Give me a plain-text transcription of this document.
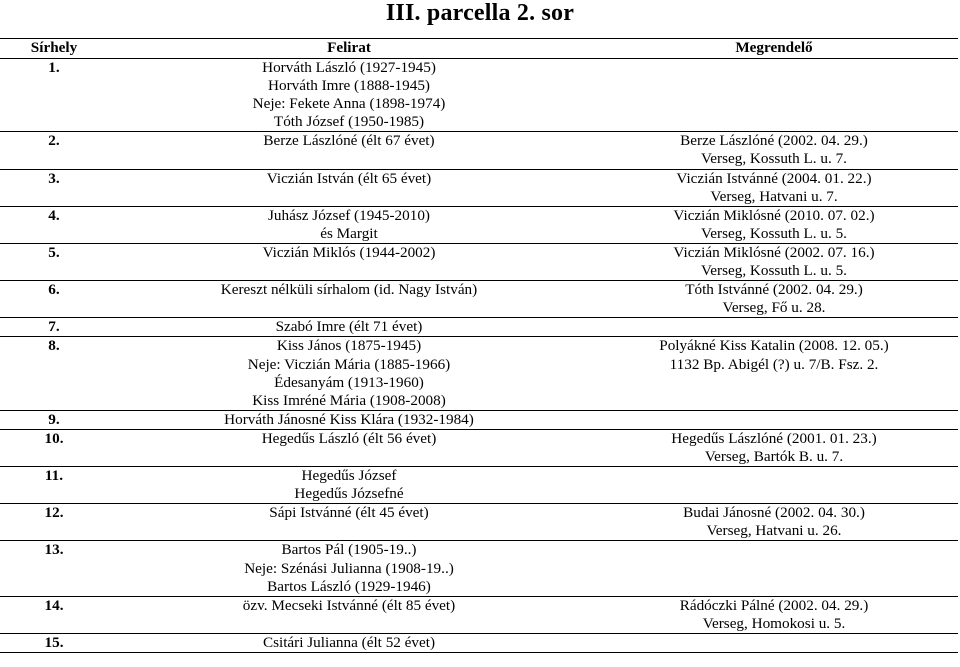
III. parcella 2. sor
Sírhely	Felirat	Megrendelő
1.	Horváth László (1927-1945)
Horváth Imre (1888-1945)
Neje: Fekete Anna (1898-1974)
Tóth József (1950-1985)	

2.	Berze Lászlóné (élt 67 évet)	Berze Lászlóné (2002. 04. 29.)
Verseg, Kossuth L. u. 7.

3.	Viczián István (élt 65 évet)	Viczián Istvánné (2004. 01. 22.)
Verseg, Hatvani u. 7.

4.	Juhász József (1945-2010)
és Margit	Viczián Miklósné (2010. 07. 02.)
Verseg, Kossuth L. u. 5.

5.	Viczián Miklós (1944-2002)	Viczián Miklósné (2002. 07. 16.)
Verseg, Kossuth L. u. 5.

6.	Kereszt nélküli sírhalom (id. Nagy István)	Tóth Istvánné (2002. 04. 29.)
Verseg, Fő u. 28.

7.	Szabó Imre (élt 71 évet)	

8.	Kiss János (1875-1945)
Neje: Viczián Mária (1885-1966)
Édesanyám (1913-1960)
Kiss Imréné Mária (1908-2008)	Polyákné Kiss Katalin (2008. 12. 05.)
1132 Bp. Abigél (?) u. 7/B. Fsz. 2.

9.	Horváth Jánosné Kiss Klára (1932-1984)	

10.	Hegedűs László (élt 56 évet)	Hegedűs Lászlóné (2001. 01. 23.)
Verseg, Bartók B. u. 7.

11.	Hegedűs József
Hegedűs Józsefné	

12.	Sápi Istvánné (élt 45 évet)	Budai Jánosné (2002. 04. 30.)
Verseg, Hatvani u. 26.

13.	Bartos Pál (1905-19..)
Neje: Szénási Julianna (1908-19..)
Bartos László (1929-1946)	

14.	özv. Mecseki Istvánné (élt 85 évet)	Rádóczki Pálné (2002. 04. 29.)
Verseg, Homokosi u. 5.

15.	Csitári Julianna (élt 52 évet)	
